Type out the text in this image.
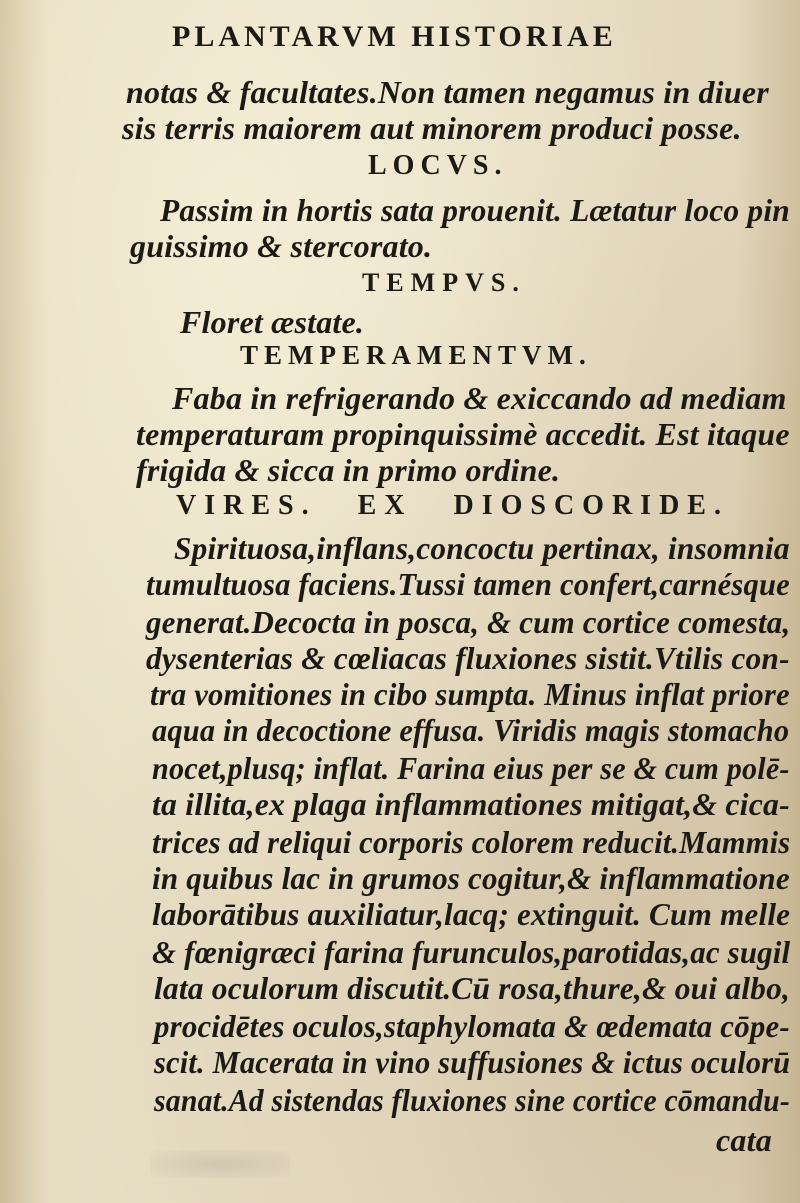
PLANTARVM HISTORIAE
notas & facultates.Non tamen negamus in diuer
sis terris maiorem aut minorem produci posse.
LOCVS.
Passim in hortis sata prouenit. Lætatur loco pin
guissimo & stercorato.
TEMPVS.
Floret æstate.
TEMPERAMENTVM.
Faba in refrigerando & exiccando ad mediam
temperaturam propinquissimè accedit. Est itaque
frigida & sicca in primo ordine.
VIRES. EX DIOSCORIDE.
Spirituosa,inflans,concoctu pertinax, insomnia
tumultuosa faciens.Tussi tamen confert,carnésque
generat.Decocta in posca, & cum cortice comesta,
dysenterias & cœliacas fluxiones sistit.Vtilis con-
tra vomitiones in cibo sumpta. Minus inflat priore
aqua in decoctione effusa. Viridis magis stomacho
nocet,plusq; inflat. Farina eius per se & cum polē-
ta illita,ex plaga inflammationes mitigat,& cica-
trices ad reliqui corporis colorem reducit.Mammis
in quibus lac in grumos cogitur,& inflammatione
laborātibus auxiliatur,lacq; extinguit. Cum melle
& fœnigræci farina furunculos,parotidas,ac sugil
lata oculorum discutit.Cū rosa,thure,& oui albo,
procidētes oculos,staphylomata & œdemata cōpe-
scit. Macerata in vino suffusiones & ictus oculorū
sanat.Ad sistendas fluxiones sine cortice cōmandu-
cata
